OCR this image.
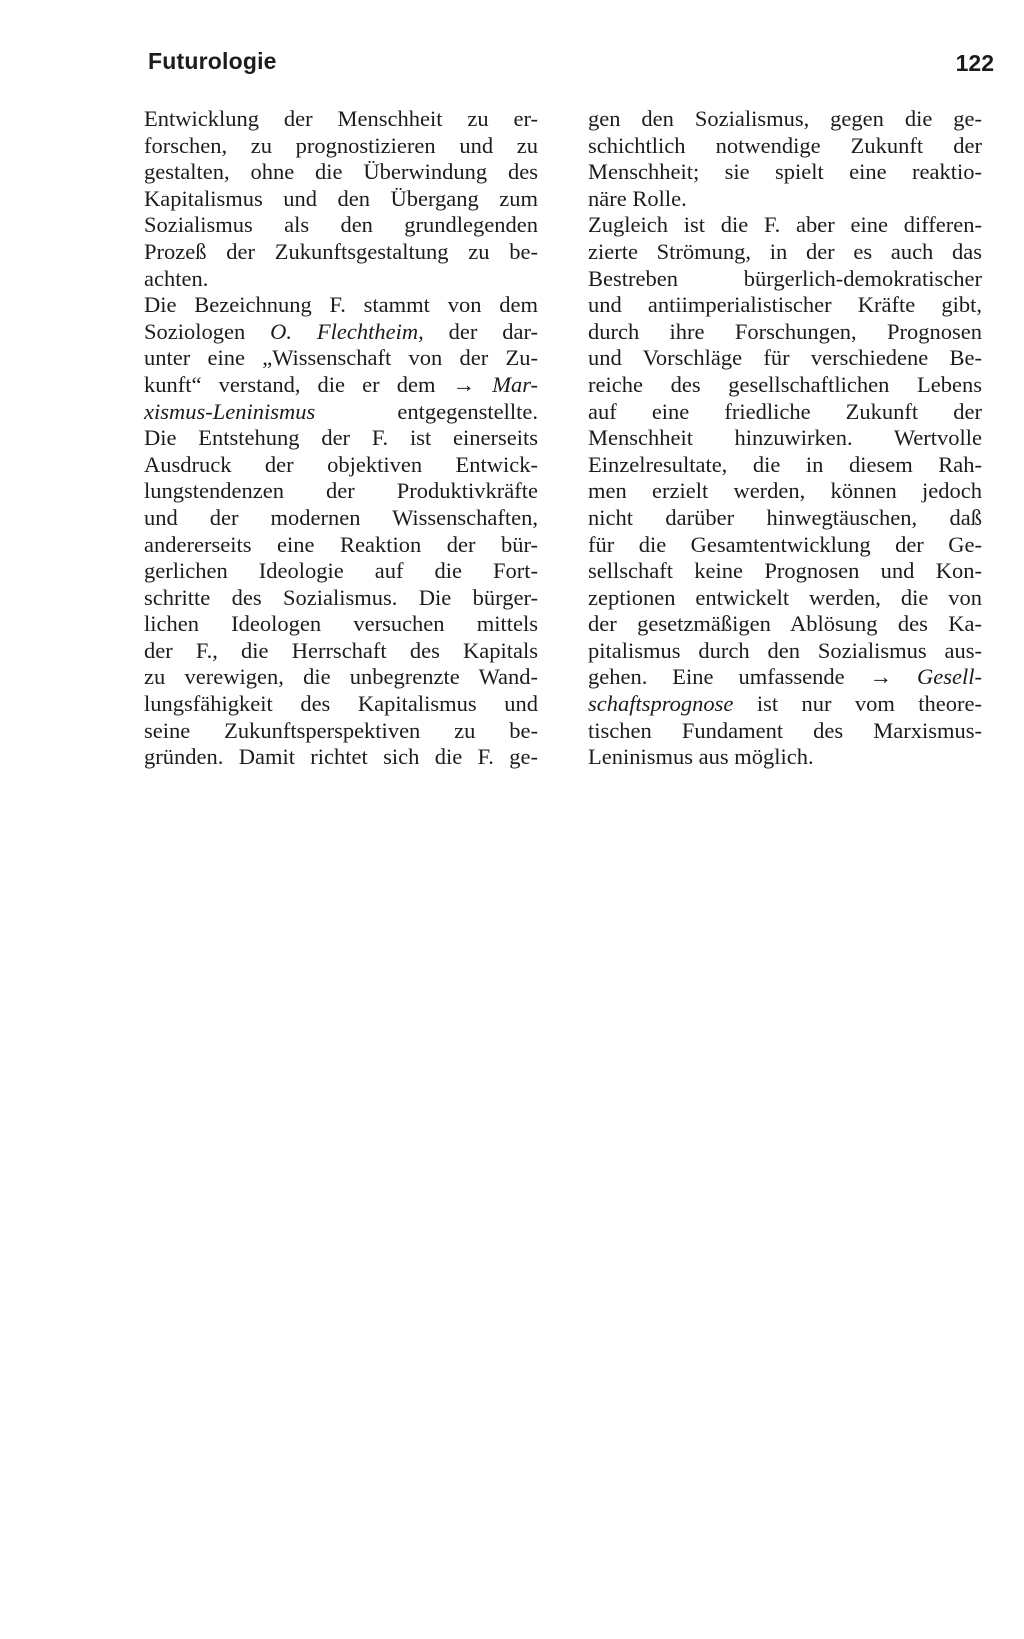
Futurologie	122
Entwicklung der Menschheit zu er-
forschen, zu prognostizieren und zu
gestalten, ohne die Überwindung des
Kapitalismus und den Übergang zum
Sozialismus als den grundlegenden
Prozeß der Zukunftsgestaltung zu be-
achten.
Die Bezeichnung F. stammt von dem
Soziologen O. Flechtheim, der dar-
unter eine „Wissenschaft von der Zu-
kunft“ verstand, die er dem → Mar-
xismus-Leninismus entgegenstellte.
Die Entstehung der F. ist einerseits
Ausdruck der objektiven Entwick-
lungstendenzen der Produktivkräfte
und der modernen Wissenschaften,
andererseits eine Reaktion der bür-
gerlichen Ideologie auf die Fort-
schritte des Sozialismus. Die bürger-
lichen Ideologen versuchen mittels
der F., die Herrschaft des Kapitals
zu verewigen, die unbegrenzte Wand-
lungsfähigkeit des Kapitalismus und
seine Zukunftsperspektiven zu be-
gründen. Damit richtet sich die F. ge-
gen den Sozialismus, gegen die ge-
schichtlich notwendige Zukunft der
Menschheit; sie spielt eine reaktio-
näre Rolle.
Zugleich ist die F. aber eine differen-
zierte Strömung, in der es auch das
Bestreben bürgerlich-demokratischer
und antiimperialistischer Kräfte gibt,
durch ihre Forschungen, Prognosen
und Vorschläge für verschiedene Be-
reiche des gesellschaftlichen Lebens
auf eine friedliche Zukunft der
Menschheit hinzuwirken. Wertvolle
Einzelresultate, die in diesem Rah-
men erzielt werden, können jedoch
nicht darüber hinwegtäuschen, daß
für die Gesamtentwicklung der Ge-
sellschaft keine Prognosen und Kon-
zeptionen entwickelt werden, die von
der gesetzmäßigen Ablösung des Ka-
pitalismus durch den Sozialismus aus-
gehen. Eine umfassende → Gesell-
schaftsprognose ist nur vom theore-
tischen Fundament des Marxismus-
Leninismus aus möglich.
